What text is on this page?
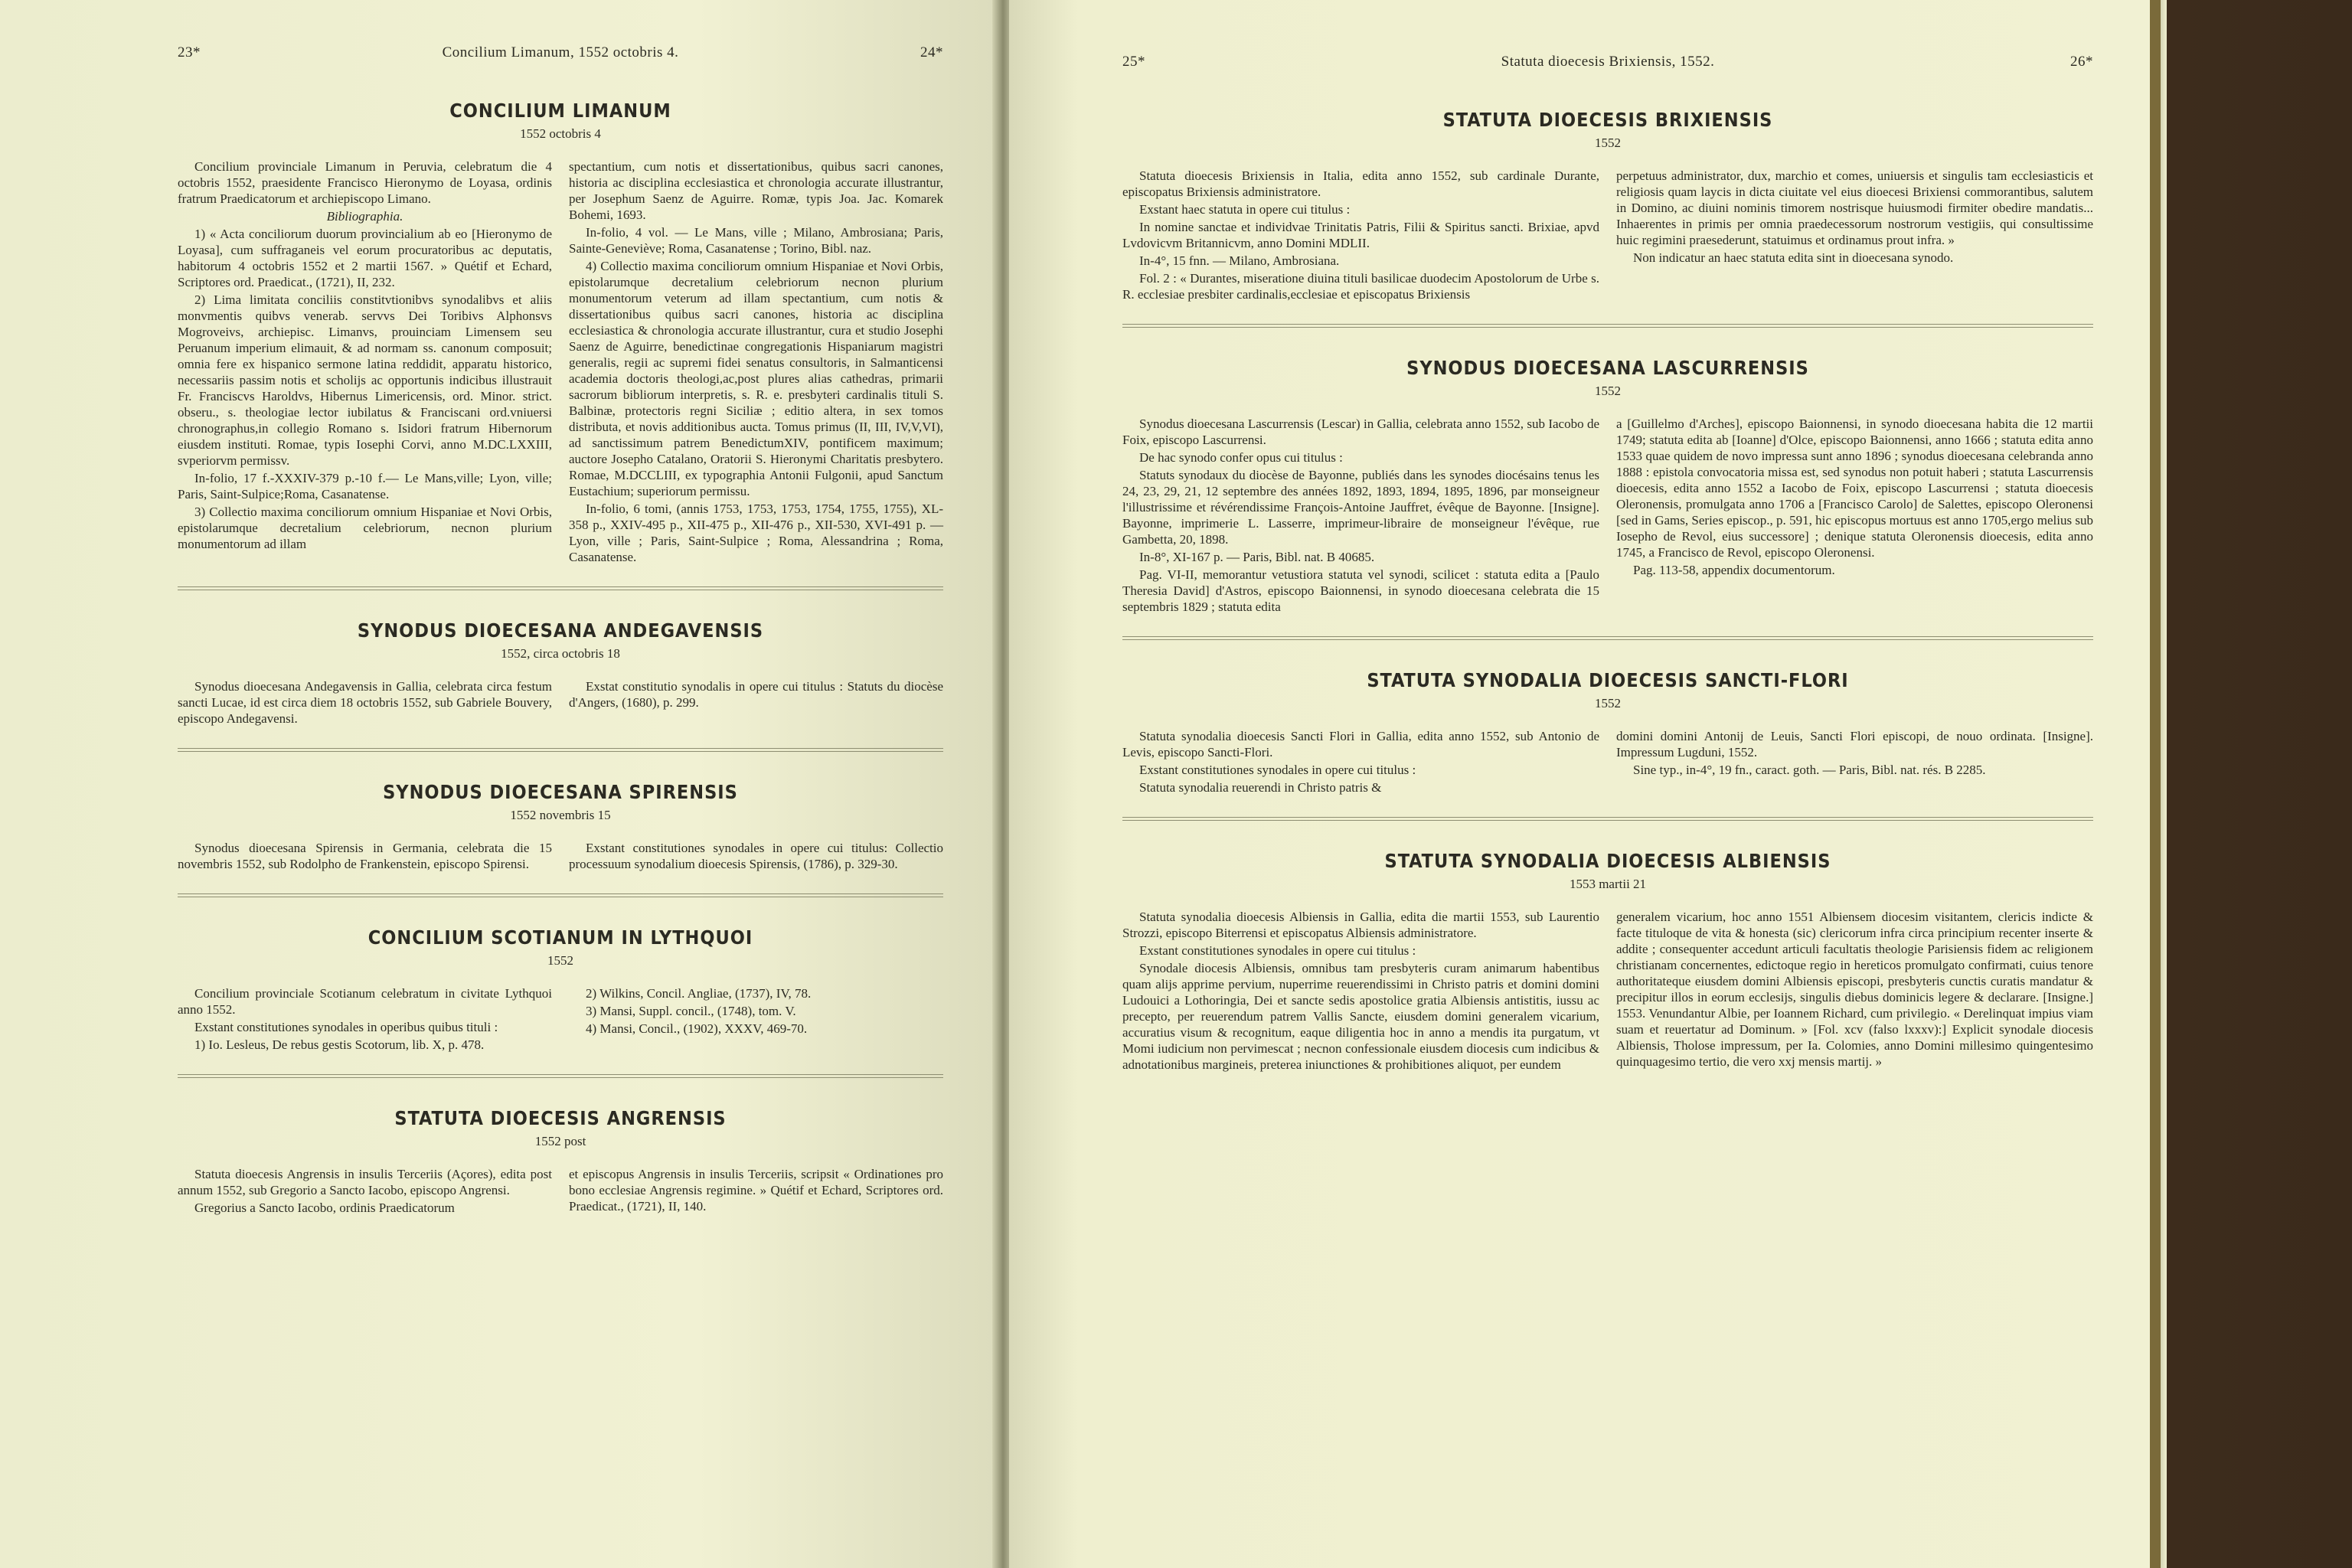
23*	Concilium Limanum, 1552 octobris 4.	24*
CONCILIUM LIMANUM
1552 octobris 4

Concilium provinciale Limanum in Peruvia, celebratum die 4 octobris 1552, praesidente Francisco Hieronymo de Loyasa, ordinis fratrum Praedicatorum et archiepiscopo Limano.

Bibliographia.

1) « Acta conciliorum duorum provincialium ab eo [Hieronymo de Loyasa], cum suffraganeis vel eorum procuratoribus ac deputatis, habitorum 4 octobris 1552 et 2 martii 1567. » Quétif et Echard, Scriptores ord. Praedicat., (1721), II, 232.

2) Lima limitata conciliis constitvtionibvs synodalibvs et aliis monvmentis quibvs venerab. servvs Dei Toribivs Alphonsvs Mogroveivs, archiepisc. Limanvs, prouinciam Limensem seu Peruanum imperium elimauit, & ad normam ss. canonum composuit; omnia fere ex hispanico sermone latina reddidit, apparatu historico, necessariis passim notis et scholijs ac opportunis indicibus illustrauit Fr. Franciscvs Haroldvs, Hibernus Limericensis, ord. Minor. strict. obseru., s. theologiae lector iubilatus & Franciscani ord.vniuersi chronographus,in collegio Romano s. Isidori fratrum Hibernorum eiusdem instituti. Romae, typis Iosephi Corvi, anno M.DC.LXXIII, svperiorvm permissv.

In-folio, 17 f.-XXXIV-379 p.-10 f.— Le Mans,ville; Lyon, ville; Paris, Saint-Sulpice;Roma, Casanatense.

3) Collectio maxima conciliorum omnium Hispaniae et Novi Orbis, epistolarumque decretalium celebriorum, necnon plurium monumentorum ad illam

spectantium, cum notis et dissertationibus, quibus sacri canones, historia ac disciplina ecclesiastica et chronologia accurate illustrantur, per Josephum Saenz de Aguirre. Romæ, typis Joa. Jac. Komarek Bohemi, 1693.

In-folio, 4 vol. — Le Mans, ville ; Milano, Ambrosiana; Paris, Sainte-Geneviève; Roma, Casanatense ; Torino, Bibl. naz.

4) Collectio maxima conciliorum omnium Hispaniae et Novi Orbis, epistolarumque decretalium celebriorum necnon plurium monumentorum veterum ad illam spectantium, cum notis & dissertationibus quibus sacri canones, historia ac disciplina ecclesiastica & chronologia accurate illustrantur, cura et studio Josephi Saenz de Aguirre, benedictinae congregationis Hispaniarum magistri generalis, regii ac supremi fidei senatus consultoris, in Salmanticensi academia doctoris theologi,ac,post plures alias cathedras, primarii sacrorum bibliorum interpretis, s. R. e. presbyteri cardinalis tituli S. Balbinæ, protectoris regni Siciliæ ; editio altera, in sex tomos distributa, et novis additionibus aucta. Tomus primus (II, III, IV,V,VI), ad sanctissimum patrem BenedictumXIV, pontificem maximum; auctore Josepho Catalano, Oratorii S. Hieronymi Charitatis presbytero. Romae, M.DCCLIII, ex typographia Antonii Fulgonii, apud Sanctum Eustachium; superiorum permissu.

In-folio, 6 tomi, (annis 1753, 1753, 1753, 1754, 1755, 1755), XL-358 p., XXIV-495 p., XII-475 p., XII-476 p., XII-530, XVI-491 p. — Lyon, ville ; Paris, Saint-Sulpice ; Roma, Alessandrina ; Roma, Casanatense.

SYNODUS DIOECESANA ANDEGAVENSIS
1552, circa octobris 18

Synodus dioecesana Andegavensis in Gallia, celebrata circa festum sancti Lucae, id est circa diem 18 octobris 1552, sub Gabriele Bouvery, episcopo Andegavensi.

Exstat constitutio synodalis in opere cui titulus : Statuts du diocèse d'Angers, (1680), p. 299.

SYNODUS DIOECESANA SPIRENSIS
1552 novembris 15

Synodus dioecesana Spirensis in Germania, celebrata die 15 novembris 1552, sub Rodolpho de Frankenstein, episcopo Spirensi.

Exstant constitutiones synodales in opere cui titulus: Collectio processuum synodalium dioecesis Spirensis, (1786), p. 329-30.

CONCILIUM SCOTIANUM IN LYTHQUOI
1552

Concilium provinciale Scotianum celebratum in civitate Lythquoi anno 1552.

Exstant constitutiones synodales in operibus quibus tituli :

1) Io. Lesleus, De rebus gestis Scotorum, lib. X, p. 478.

2) Wilkins, Concil. Angliae, (1737), IV, 78.

3) Mansi, Suppl. concil., (1748), tom. V.

4) Mansi, Concil., (1902), XXXV, 469-70.

STATUTA DIOECESIS ANGRENSIS
1552 post

Statuta dioecesis Angrensis in insulis Terceriis (Açores), edita post annum 1552, sub Gregorio a Sancto Iacobo, episcopo Angrensi.

Gregorius a Sancto Iacobo, ordinis Praedicatorum

et episcopus Angrensis in insulis Terceriis, scripsit « Ordinationes pro bono ecclesiae Angrensis regimine. » Quétif et Echard, Scriptores ord. Praedicat., (1721), II, 140.

25*	Statuta dioecesis Brixiensis, 1552.	26*
STATUTA DIOECESIS BRIXIENSIS
1552

Statuta dioecesis Brixiensis in Italia, edita anno 1552, sub cardinale Durante, episcopatus Brixiensis administratore.

Exstant haec statuta in opere cui titulus :

In nomine sanctae et individvae Trinitatis Patris, Filii & Spiritus sancti. Brixiae, apvd Lvdovicvm Britannicvm, anno Domini MDLII.

In-4°, 15 fnn. — Milano, Ambrosiana.

Fol. 2 : « Durantes, miseratione diuina tituli basilicae duodecim Apostolorum de Urbe s. R. ecclesiae presbiter cardinalis,ecclesiae et episcopatus Brixiensis

perpetuus administrator, dux, marchio et comes, uniuersis et singulis tam ecclesiasticis et religiosis quam laycis in dicta ciuitate vel eius dioecesi Brixiensi commorantibus, salutem in Domino, ac diuini nominis timorem nostrisque huiusmodi firmiter obedire mandatis... Inhaerentes in primis per omnia praedecessorum nostrorum vestigiis, qui consultissime huic regimini praesederunt, statuimus et ordinamus prout infra. »

Non indicatur an haec statuta edita sint in dioecesana synodo.

SYNODUS DIOECESANA LASCURRENSIS
1552

Synodus dioecesana Lascurrensis (Lescar) in Gallia, celebrata anno 1552, sub Iacobo de Foix, episcopo Lascurrensi.

De hac synodo confer opus cui titulus :

Statuts synodaux du diocèse de Bayonne, publiés dans les synodes diocésains tenus les 24, 23, 29, 21, 12 septembre des années 1892, 1893, 1894, 1895, 1896, par monseigneur l'illustrissime et révérendissime François-Antoine Jauffret, évêque de Bayonne. [Insigne]. Bayonne, imprimerie L. Lasserre, imprimeur-libraire de monseigneur l'évêque, rue Gambetta, 20, 1898.

In-8°, XI-167 p. — Paris, Bibl. nat. B 40685.

Pag. VI-II, memorantur vetustiora statuta vel synodi, scilicet : statuta edita a [Paulo Theresia David] d'Astros, episcopo Baionnensi, in synodo dioecesana celebrata die 15 septembris 1829 ; statuta edita

a [Guillelmo d'Arches], episcopo Baionnensi, in synodo dioecesana habita die 12 martii 1749; statuta edita ab [Ioanne] d'Olce, episcopo Baionnensi, anno 1666 ; statuta edita anno 1533 quae quidem de novo impressa sunt anno 1896 ; synodus dioecesana celebranda anno 1888 : epistola convocatoria missa est, sed synodus non potuit haberi ; statuta Lascurrensis dioecesis, edita anno 1552 a Iacobo de Foix, episcopo Lascurrensi ; statuta dioecesis Oleronensis, promulgata anno 1706 a [Francisco Carolo] de Salettes, episcopo Oleronensi [sed in Gams, Series episcop., p. 591, hic episcopus mortuus est anno 1705,ergo melius sub Iosepho de Revol, eius successore] ; denique statuta Oleronensis dioecesis, edita anno 1745, a Francisco de Revol, episcopo Oleronensi.

Pag. 113-58, appendix documentorum.

STATUTA SYNODALIA DIOECESIS SANCTI-FLORI
1552

Statuta synodalia dioecesis Sancti Flori in Gallia, edita anno 1552, sub Antonio de Levis, episcopo Sancti-Flori.

Exstant constitutiones synodales in opere cui titulus :

Statuta synodalia reuerendi in Christo patris &

domini domini Antonij de Leuis, Sancti Flori episcopi, de nouo ordinata. [Insigne]. Impressum Lugduni, 1552.

Sine typ., in-4°, 19 fn., caract. goth. — Paris, Bibl. nat. rés. B 2285.

STATUTA SYNODALIA DIOECESIS ALBIENSIS
1553 martii 21

Statuta synodalia dioecesis Albiensis in Gallia, edita die martii 1553, sub Laurentio Strozzi, episcopo Biterrensi et episcopatus Albiensis administratore.

Exstant constitutiones synodales in opere cui titulus :

Synodale diocesis Albiensis, omnibus tam presbyteris curam animarum habentibus quam alijs apprime pervium, nuperrime reuerendissimi in Christo patris et domini domini Ludouici a Lothoringia, Dei et sancte sedis apostolice gratia Albiensis antistitis, iussu ac precepto, per reuerendum patrem Vallis Sancte, eiusdem domini generalem vicarium, accuratius visum & recognitum, eaque diligentia hoc in anno a mendis ita purgatum, vt Momi iudicium non pervimescat ; necnon confessionale eiusdem diocesis cum indicibus & adnotationibus margineis, preterea iniunctiones & prohibitiones aliquot, per eundem

generalem vicarium, hoc anno 1551 Albiensem diocesim visitantem, clericis indicte & facte tituloque de vita & honesta (sic) clericorum infra circa principium recenter inserte & addite ; consequenter accedunt articuli facultatis theologie Parisiensis fidem ac religionem christianam concernentes, edictoque regio in hereticos promulgato confirmati, cuius tenore authoritateque eiusdem domini Albiensis episcopi, presbyteris cunctis curatis mandatur & precipitur illos in eorum ecclesijs, singulis diebus dominicis legere & declarare. [Insigne.] 1553. Venundantur Albie, per Ioannem Richard, cum privilegio. « Derelinquat impius viam suam et reuertatur ad Dominum. » [Fol. xcv (falso lxxxv):] Explicit synodale diocesis Albiensis, Tholose impressum, per Ia. Colomies, anno Domini millesimo quingentesimo quinquagesimo tertio, die vero xxj mensis martij. »
